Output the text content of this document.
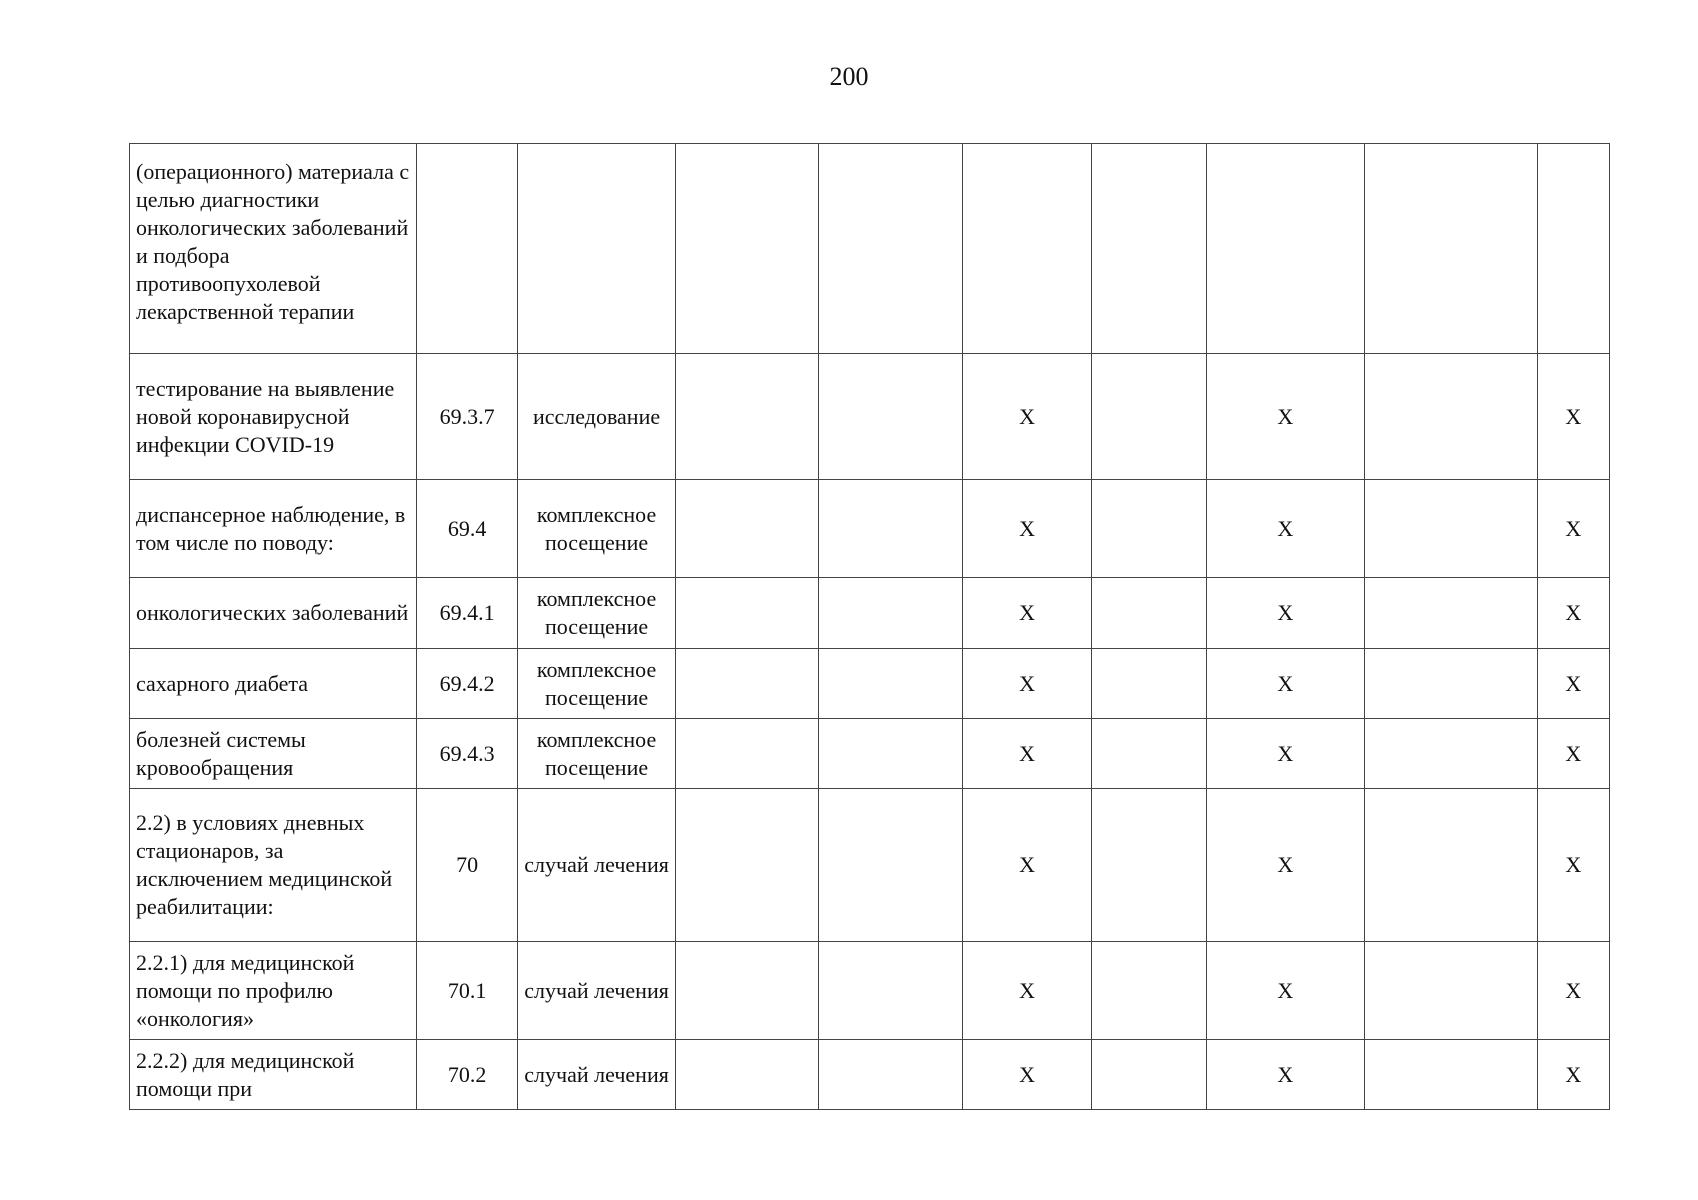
200
(операционного) материала с целью диагностики онкологических заболеваний и подбора противоопухолевой лекарственной терапии									
тестирование на выявление новой коронавирусной инфекции COVID-19	69.3.7	исследование			Х		Х		Х
диспансерное наблюдение, в том числе по поводу:	69.4	комплексное посещение			Х		Х		Х
онкологических заболеваний	69.4.1	комплексное посещение			Х		Х		Х
сахарного диабета	69.4.2	комплексное посещение			Х		Х		Х
болезней системы кровообращения	69.4.3	комплексное посещение			Х		Х		Х
2.2) в условиях дневных стационаров, за исключением медицинской реабилитации:	70	случай лечения			Х		Х		Х
2.2.1) для медицинской помощи по профилю «онкология»	70.1	случай лечения			Х		Х		Х
2.2.2) для медицинской помощи при	70.2	случай лечения			Х		Х		Х
